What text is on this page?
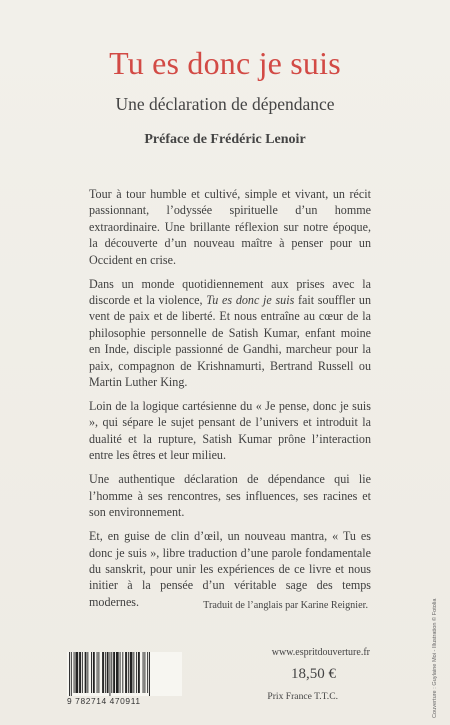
Tu es donc je suis
Une déclaration de dépendance
Préface de Frédéric Lenoir

Tour à tour humble et cultivé, simple et vivant, un récit passionnant, l’odyssée spirituelle d’un homme extraordinaire. Une brillante réflexion sur notre époque, la découverte d’un nouveau maître à penser pour un Occident en crise.

Dans un monde quotidiennement aux prises avec la discorde et la violence, Tu es donc je suis fait souffler un vent de paix et de liberté. Et nous entraîne au cœur de la philosophie personnelle de Satish Kumar, enfant moine en Inde, disciple passionné de Gandhi, marcheur pour la paix, compagnon de Krishnamurti, Bertrand Russell ou Martin Luther King.

Loin de la logique cartésienne du « Je pense, donc je suis », qui sépare le sujet pensant de l’univers et introduit la dualité et la rupture, Satish Kumar prône l’interaction entre les êtres et leur milieu.

Une authentique déclaration de dépendance qui lie l’homme à ses rencontres, ses influences, ses racines et son environnement.

Et, en guise de clin d’œil, un nouveau mantra, « Tu es donc je suis », libre traduction d’une parole fondamentale du sanskrit, pour unir les expériences de ce livre et nous initier à la pensée d’un véritable sage des temps modernes.	Traduit de l’anglais par Karine Reignier.
9 782714 470911
www.espritdouverture.fr
18,50 €
Prix France T.T.C.	Couverture : Guylaine Moi - Illustration © Fotolia
